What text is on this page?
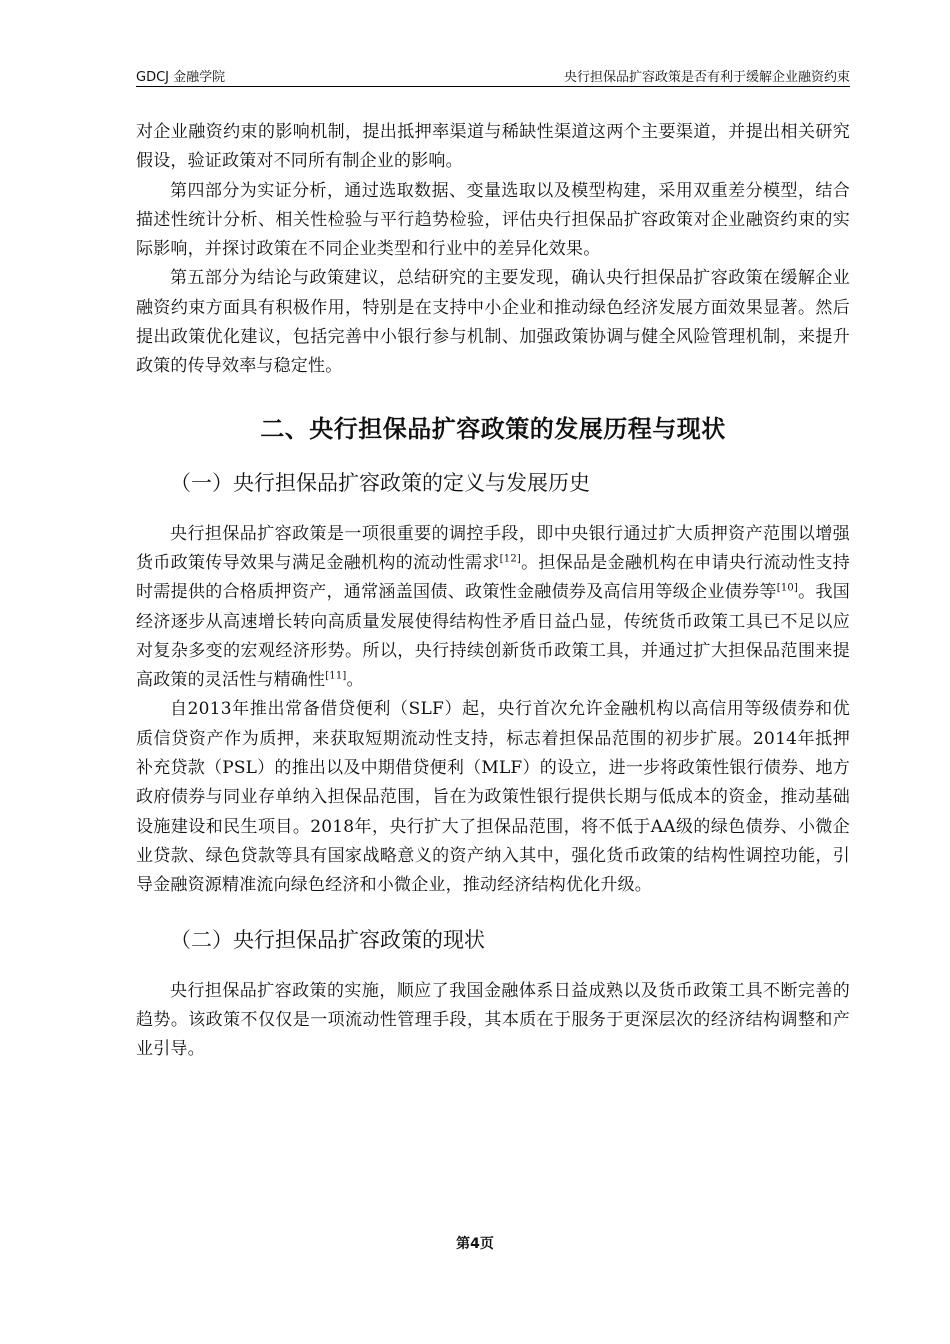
GDCJ 金融学院	央行担保品扩容政策是否有利于缓解企业融资约束

对企业融资约束的影响机制，提出抵押率渠道与稀缺性渠道这两个主要渠道，并提出相关研究假设，验证政策对不同所有制企业的影响。

第四部分为实证分析，通过选取数据、变量选取以及模型构建，采用双重差分模型，结合描述性统计分析、相关性检验与平行趋势检验，评估央行担保品扩容政策对企业融资约束的实际影响，并探讨政策在不同企业类型和行业中的差异化效果。

第五部分为结论与政策建议，总结研究的主要发现，确认央行担保品扩容政策在缓解企业融资约束方面具有积极作用，特别是在支持中小企业和推动绿色经济发展方面效果显著。然后提出政策优化建议，包括完善中小银行参与机制、加强政策协调与健全风险管理机制，来提升政策的传导效率与稳定性。

二、央行担保品扩容政策的发展历程与现状
（一）央行担保品扩容政策的定义与发展历史

央行担保品扩容政策是一项很重要的调控手段，即中央银行通过扩大质押资产范围以增强货币政策传导效果与满足金融机构的流动性需求[12]。担保品是金融机构在申请央行流动性支持时需提供的合格质押资产，通常涵盖国债、政策性金融债券及高信用等级企业债券等[10]。我国经济逐步从高速增长转向高质量发展使得结构性矛盾日益凸显，传统货币政策工具已不足以应对复杂多变的宏观经济形势。所以，央行持续创新货币政策工具，并通过扩大担保品范围来提高政策的灵活性与精确性[11]。

自2013年推出常备借贷便利（SLF）起，央行首次允许金融机构以高信用等级债券和优质信贷资产作为质押，来获取短期流动性支持，标志着担保品范围的初步扩展。2014年抵押补充贷款（PSL）的推出以及中期借贷便利（MLF）的设立，进一步将政策性银行债券、地方政府债券与同业存单纳入担保品范围，旨在为政策性银行提供长期与低成本的资金，推动基础设施建设和民生项目。2018年，央行扩大了担保品范围，将不低于AA级的绿色债券、小微企业贷款、绿色贷款等具有国家战略意义的资产纳入其中，强化货币政策的结构性调控功能，引导金融资源精准流向绿色经济和小微企业，推动经济结构优化升级。

（二）央行担保品扩容政策的现状

央行担保品扩容政策的实施，顺应了我国金融体系日益成熟以及货币政策工具不断完善的趋势。该政策不仅仅是一项流动性管理手段，其本质在于服务于更深层次的经济结构调整和产业引导。

第4页
